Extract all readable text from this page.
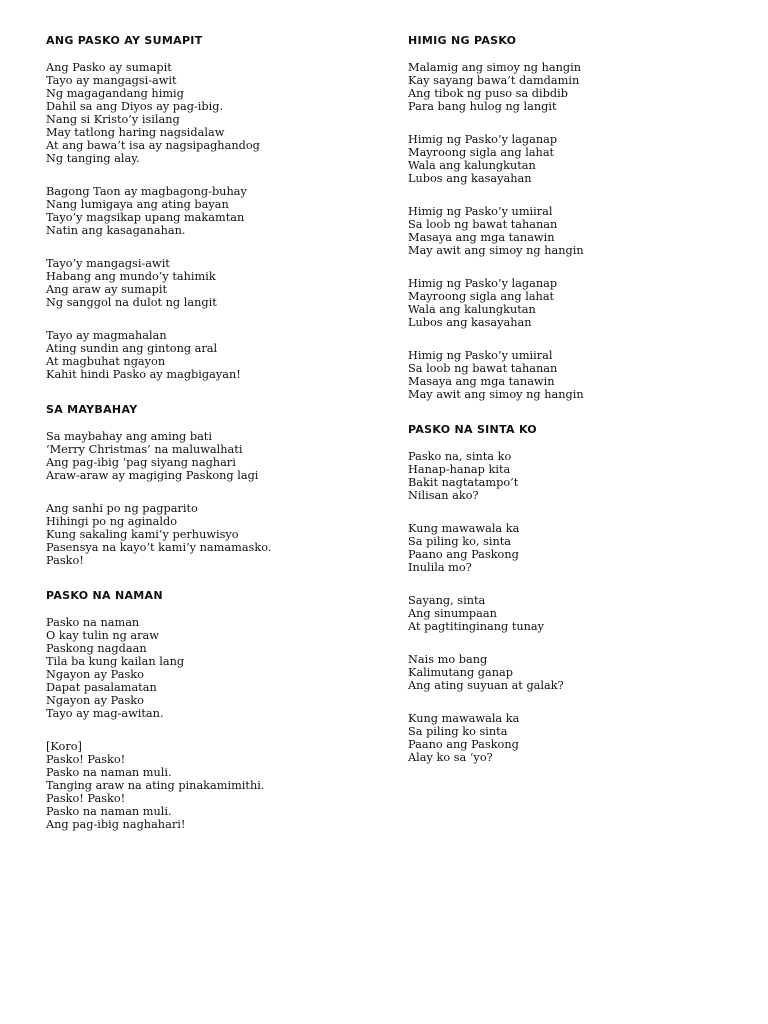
ANG PASKO AY SUMAPIT
Ang Pasko ay sumapit
Tayo ay mangagsi-awit
Ng magagandang himig
Dahil sa ang Diyos ay pag-ibig.
Nang si Kristo’y isilang
May tatlong haring nagsidalaw
At ang bawa’t isa ay nagsipaghandog
Ng tanging alay.
Bagong Taon ay magbagong-buhay
Nang lumigaya ang ating bayan
Tayo’y magsikap upang makamtan
Natin ang kasaganahan.
Tayo’y mangagsi-awit
Habang ang mundo’y tahimik
Ang araw ay sumapit
Ng sanggol na dulot ng langit
Tayo ay magmahalan
Ating sundin ang gintong aral
At magbuhat ngayon
Kahit hindi Pasko ay magbigayan!
SA MAYBAHAY
Sa maybahay ang aming bati
‘Merry Christmas’ na maluwalhati
Ang pag-ibig ‘pag siyang naghari
Araw-araw ay magiging Paskong lagi
Ang sanhi po ng pagparito
Hihingi po ng aginaldo
Kung sakaling kami’y perhuwisyo
Pasensya na kayo’t kami’y namamasko.
Pasko!
PASKO NA NAMAN
Pasko na naman
O kay tulin ng araw
Paskong nagdaan
Tila ba kung kailan lang
Ngayon ay Pasko
Dapat pasalamatan
Ngayon ay Pasko
Tayo ay mag-awitan.
[Koro]
Pasko! Pasko!
Pasko na naman muli.
Tanging araw na ating pinakamimithi.
Pasko! Pasko!
Pasko na naman muli.
Ang pag-ibig naghahari!
HIMIG NG PASKO
Malamig ang simoy ng hangin
Kay sayang bawa’t damdamin
Ang tibok ng puso sa dibdib
Para bang hulog ng langit
Himig ng Pasko’y laganap
Mayroong sigla ang lahat
Wala ang kalungkutan
Lubos ang kasayahan
Himig ng Pasko’y umiiral
Sa loob ng bawat tahanan
Masaya ang mga tanawin
May awit ang simoy ng hangin
Himig ng Pasko’y laganap
Mayroong sigla ang lahat
Wala ang kalungkutan
Lubos ang kasayahan
Himig ng Pasko’y umiiral
Sa loob ng bawat tahanan
Masaya ang mga tanawin
May awit ang simoy ng hangin
PASKO NA SINTA KO
Pasko na, sinta ko
Hanap-hanap kita
Bakit nagtatampo’t
Nilisan ako?
Kung mawawala ka
Sa piling ko, sinta
Paano ang Paskong
Inulila mo?
Sayang, sinta
Ang sinumpaan
At pagtitinginang tunay
Nais mo bang
Kalimutang ganap
Ang ating suyuan at galak?
Kung mawawala ka
Sa piling ko sinta
Paano ang Paskong
Alay ko sa ‘yo?
